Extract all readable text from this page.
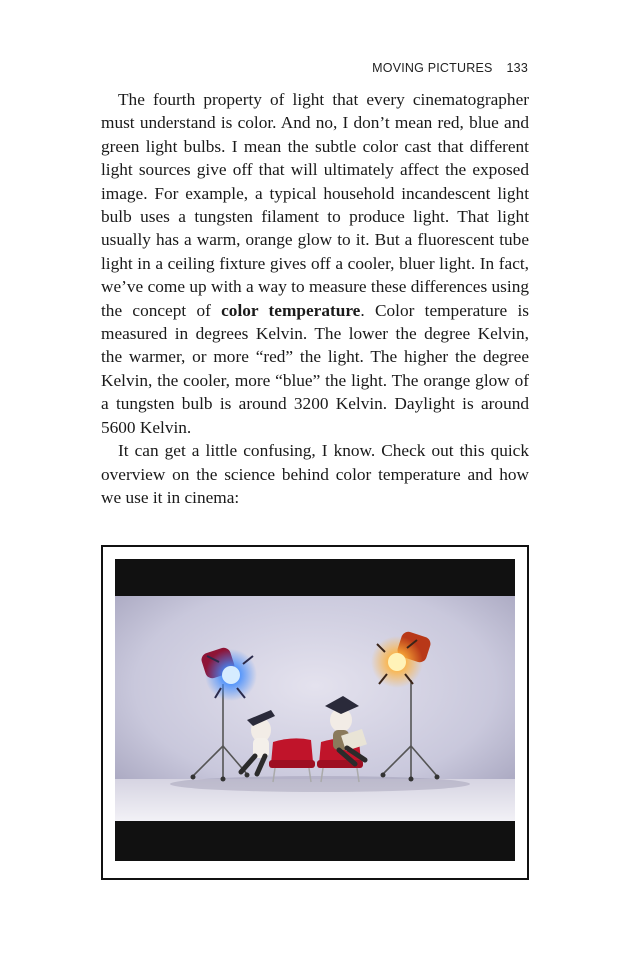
MOVING PICTURES 133

The fourth property of light that every cinematographer must understand is color. And no, I don’t mean red, blue and green light bulbs. I mean the subtle color cast that different light sources give off that will ultimately affect the exposed image. For example, a typical household incandescent light bulb uses a tungsten filament to produce light. That light usually has a warm, orange glow to it. But a fluorescent tube light in a ceiling fixture gives off a cooler, bluer light. In fact, we’ve come up with a way to measure these differences using the concept of color temperature. Color temperature is measured in degrees Kelvin. The lower the degree Kelvin, the warmer, or more “red” the light. The higher the degree Kelvin, the cooler, more “blue” the light. The orange glow of a tungsten bulb is around 3200 Kelvin. Daylight is around 5600 Kelvin.

It can get a little confusing, I know. Check out this quick overview on the science behind color temperature and how we use it in cinema:
